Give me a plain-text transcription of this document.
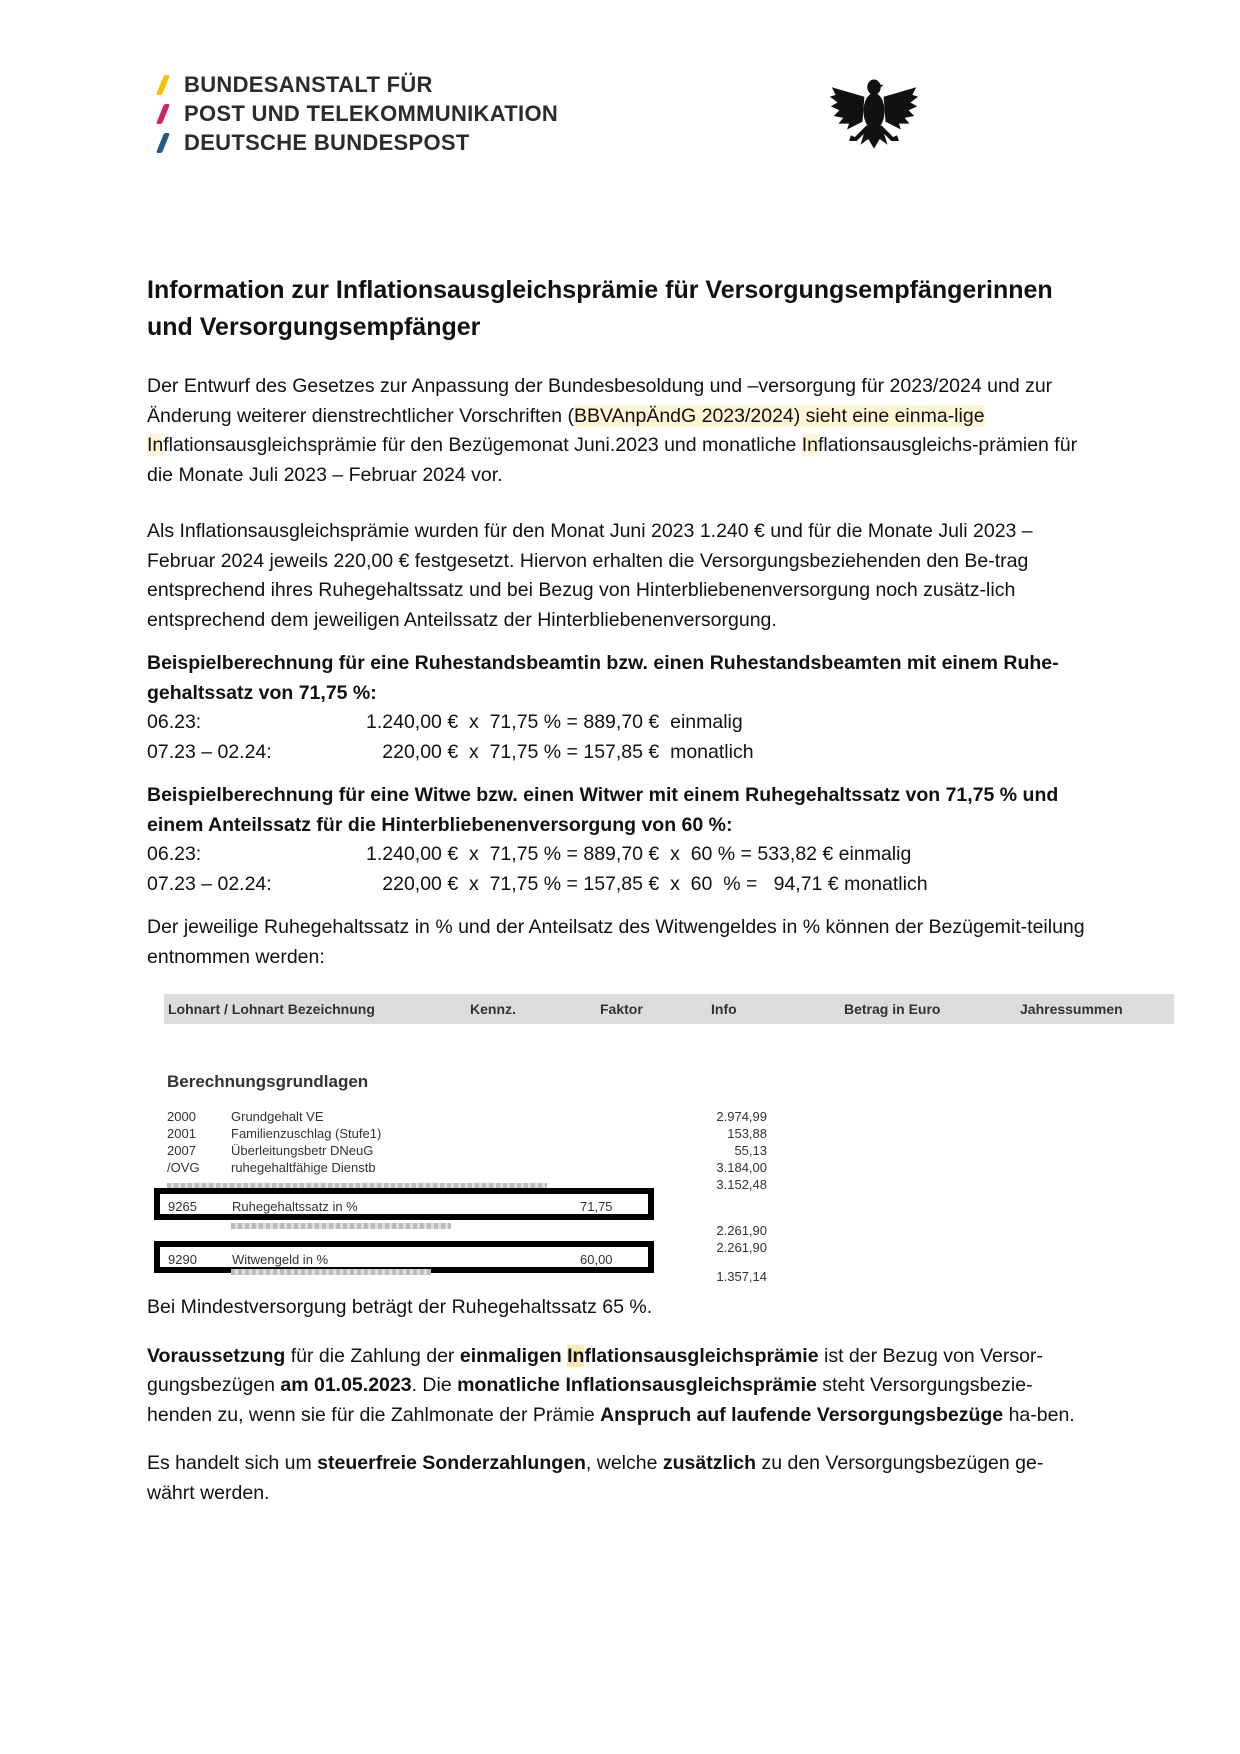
BUNDESANSTALT FÜR
POST UND TELEKOMMUNIKATION
DEUTSCHE BUNDESPOST
Information zur Inflationsausgleichsprämie für Versorgungsempfängerinnen und Versorgungsempfänger

Der Entwurf des Gesetzes zur Anpassung der Bundesbesoldung und –versorgung für 2023/2024 und zur Änderung weiterer dienstrechtlicher Vorschriften (BBVAnpÄndG 2023/2024) sieht eine einma-lige Inflationsausgleichsprämie für den Bezügemonat Juni.2023 und monatliche Inflationsausgleichs-prämien für die Monate Juli 2023 – Februar 2024 vor.

Als Inflationsausgleichsprämie wurden für den Monat Juni 2023 1.240 € und für die Monate Juli 2023 – Februar 2024 jeweils 220,00 € festgesetzt. Hiervon erhalten die Versorgungsbeziehenden den Be-trag entsprechend ihres Ruhegehaltssatz und bei Bezug von Hinterbliebenenversorgung noch zusätz-lich entsprechend dem jeweiligen Anteilssatz der Hinterbliebenenversorgung.

Beispielberechnung für eine Ruhestandsbeamtin bzw. einen Ruhestandsbeamten mit einem Ruhe-gehaltssatz von 71,75 %:
06.23:	1.240,00 €  x  71,75 % = 889,70 €  einmalig
07.23 – 02.24:	220,00 €  x  71,75 % = 157,85 €  monatlich
Beispielberechnung für eine Witwe bzw. einen Witwer mit einem Ruhegehaltssatz von 71,75 % und einem Anteilssatz für die Hinterbliebenenversorgung von 60 %:
06.23:	1.240,00 €  x  71,75 % = 889,70 €  x  60 % = 533,82 € einmalig
07.23 – 02.24:	220,00 €  x  71,75 % = 157,85 €  x  60  % =   94,71 € monatlich

Der jeweilige Ruhegehaltssatz in % und der Anteilsatz des Witwengeldes in % können der Bezügemit-teilung entnommen werden:

Lohnart / Lohnart Bezeichnung	Kennz.	Faktor	Info	Betrag in Euro	Jahressummen
Berechnungsgrundlagen
2000	Grundgehalt VE	2.974,99
2001	Familienzuschlag (Stufe1)	153,88
2007	Überleitungsbetr DNeuG	55,13
/OVG ruhegehaltfähige Dienstb	3.184,00
3.152,48
9265	Ruhegehaltssatz in %	71,75
2.261,90
2.261,90
9290	Witwengeld in %	60,00
1.357,14

Bei Mindestversorgung beträgt der Ruhegehaltssatz 65 %.

Voraussetzung für die Zahlung der einmaligen Inflationsausgleichsprämie ist der Bezug von Versor-gungsbezügen am 01.05.2023. Die monatliche Inflationsausgleichsprämie steht Versorgungsbezie-henden zu, wenn sie für die Zahlmonate der Prämie Anspruch auf laufende Versorgungsbezüge ha-ben.

Es handelt sich um steuerfreie Sonderzahlungen, welche zusätzlich zu den Versorgungsbezügen ge-währt werden.
